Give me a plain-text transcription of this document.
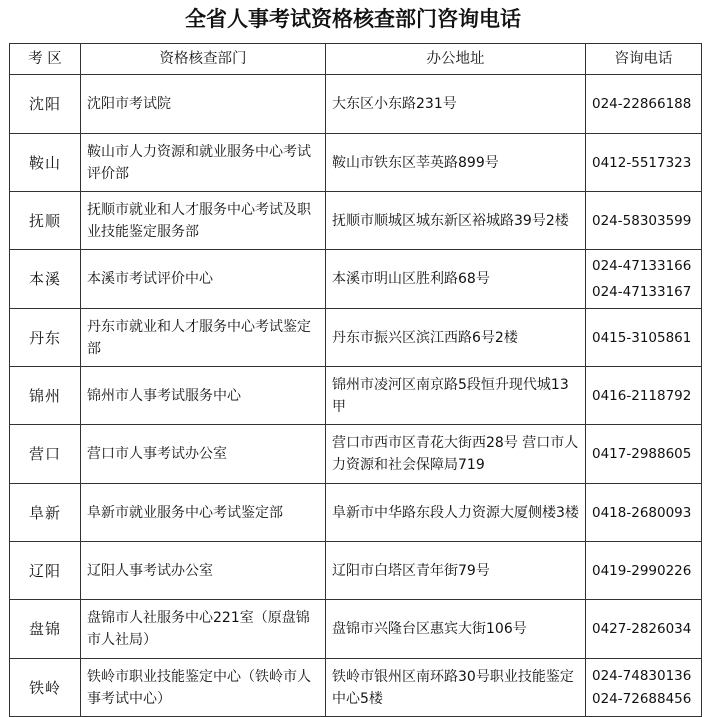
全省人事考试资格核查部门咨询电话
考 区	资格核查部门	办公地址	咨询电话
沈阳	沈阳市考试院	大东区小东路231号	024-22866188

鞍山	鞍山市人力资源和就业服务中心考试评价部	鞍山市铁东区莘英路899号	0412-5517323

抚顺	抚顺市就业和人才服务中心考试及职业技能鉴定服务部	抚顺市顺城区城东新区裕城路39号2楼	024-58303599

本溪	本溪市考试评价中心	本溪市明山区胜利路68号	024-47133166
024-47133167

丹东	丹东市就业和人才服务中心考试鉴定部	丹东市振兴区滨江西路6号2楼	0415-3105861

锦州	锦州市人事考试服务中心	锦州市凌河区南京路5段恒升现代城13甲	0416-2118792

营口	营口市人事考试办公室	营口市西市区青花大街西28号 营口市人力资源和社会保障局719	0417-2988605

阜新	阜新市就业服务中心考试鉴定部	阜新市中华路东段人力资源大厦侧楼3楼	0418-2680093

辽阳	辽阳人事考试办公室	辽阳市白塔区青年街79号	0419-2990226

盘锦	盘锦市人社服务中心221室（原盘锦市人社局）	盘锦市兴隆台区惠宾大街106号	0427-2826034

铁岭	铁岭市职业技能鉴定中心（铁岭市人事考试中心）	铁岭市银州区南环路30号职业技能鉴定中心5楼	024-74830136
024-72688456
